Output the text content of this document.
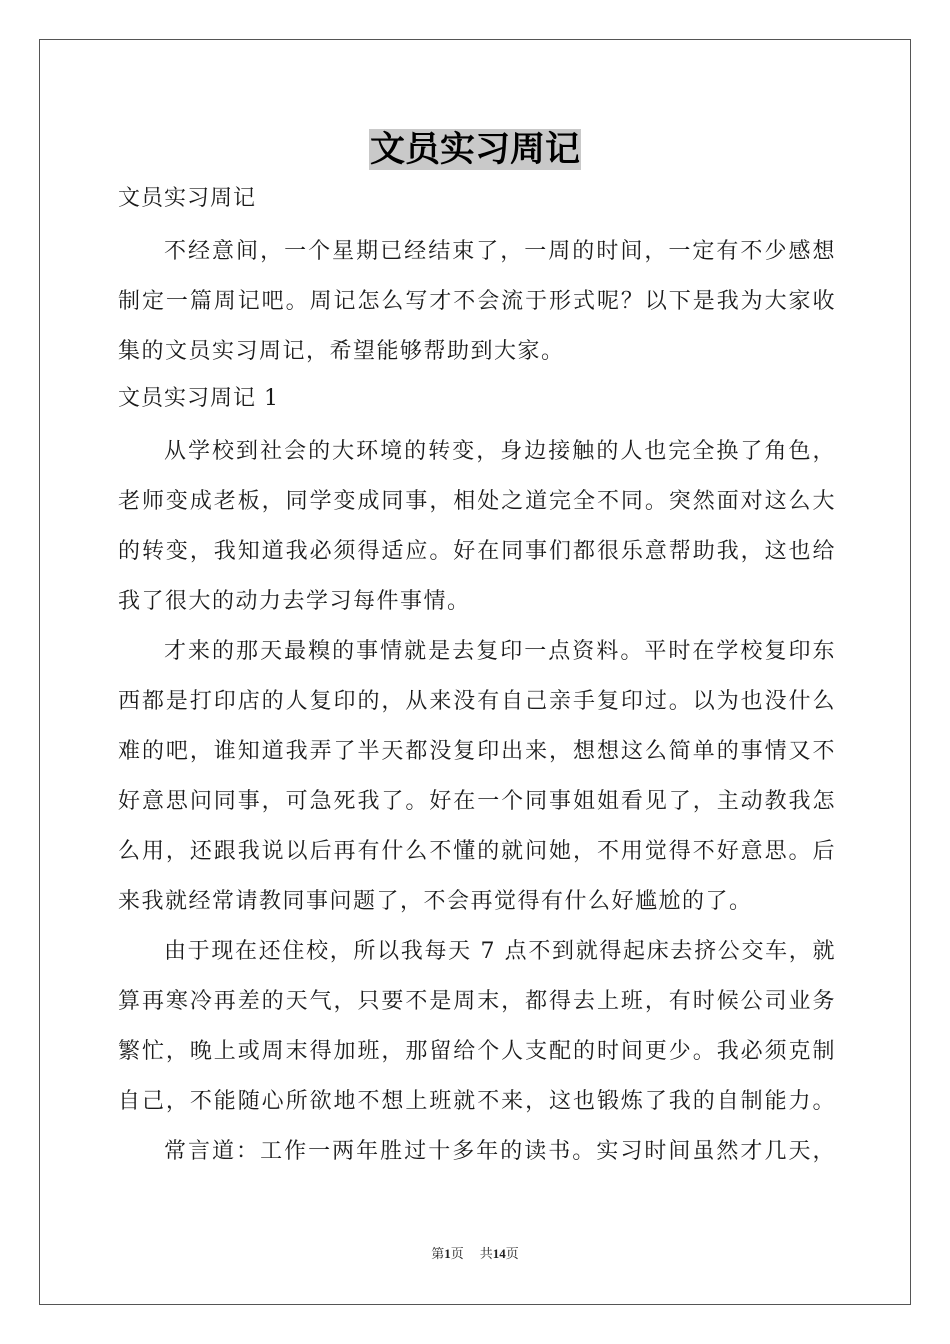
文员实习周记
文员实习周记
不经意间，一个星期已经结束了，一周的时间，一定有不少感想
制定一篇周记吧。周记怎么写才不会流于形式呢？以下是我为大家收
集的文员实习周记，希望能够帮助到大家。
文员实习周记 1
从学校到社会的大环境的转变，身边接触的人也完全换了角色，
老师变成老板，同学变成同事，相处之道完全不同。突然面对这么大
的转变，我知道我必须得适应。好在同事们都很乐意帮助我，这也给
我了很大的动力去学习每件事情。
才来的那天最糗的事情就是去复印一点资料。平时在学校复印东
西都是打印店的人复印的，从来没有自己亲手复印过。以为也没什么
难的吧，谁知道我弄了半天都没复印出来，想想这么简单的事情又不
好意思问同事，可急死我了。好在一个同事姐姐看见了，主动教我怎
么用，还跟我说以后再有什么不懂的就问她，不用觉得不好意思。后
来我就经常请教同事问题了，不会再觉得有什么好尴尬的了。
由于现在还住校，所以我每天 7 点不到就得起床去挤公交车，就
算再寒冷再差的天气，只要不是周末，都得去上班，有时候公司业务
繁忙，晚上或周末得加班，那留给个人支配的时间更少。我必须克制
自己，不能随心所欲地不想上班就不来，这也锻炼了我的自制能力。
常言道：工作一两年胜过十多年的读书。实习时间虽然才几天，
第1页 共14页
